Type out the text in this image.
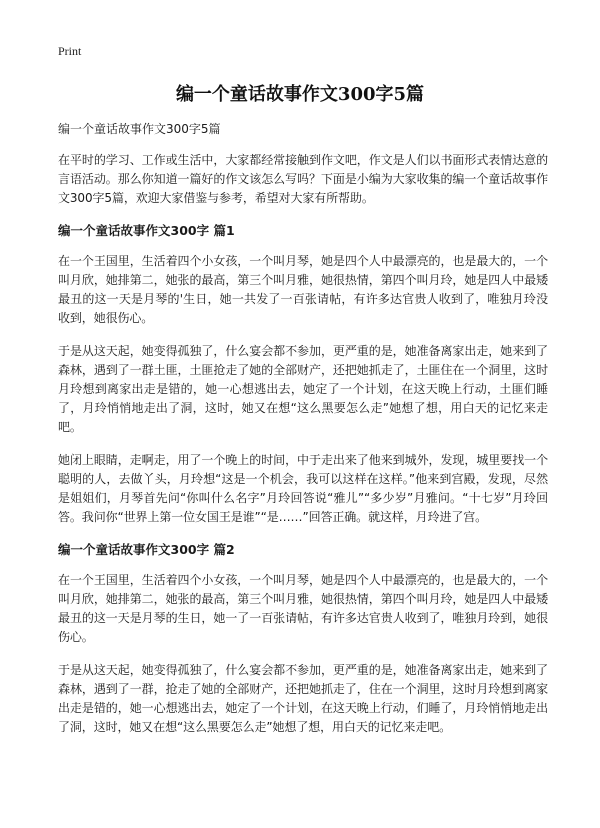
Print
编一个童话故事作文300字5篇
编一个童话故事作文300字5篇

在平时的学习、工作或生活中，大家都经常接触到作文吧，作文是人们以书面形式表情达意的言语活动。那么你知道一篇好的作文该怎么写吗？下面是小编为大家收集的编一个童话故事作文300字5篇，欢迎大家借鉴与参考，希望对大家有所帮助。

编一个童话故事作文300字 篇1

在一个王国里，生活着四个小女孩，一个叫月琴，她是四个人中最漂亮的，也是最大的，一个叫月欣，她排第二，她张的最高，第三个叫月雅，她很热情，第四个叫月玲，她是四人中最矮最丑的这一天是月琴的'生日，她一共发了一百张请帖，有许多达官贵人收到了，唯独月玲没收到，她很伤心。

于是从这天起，她变得孤独了，什么宴会都不参加，更严重的是，她准备离家出走，她来到了森林，遇到了一群土匪，土匪抢走了她的全部财产，还把她抓走了，土匪住在一个洞里，这时月玲想到离家出走是错的，她一心想逃出去，她定了一个计划，在这天晚上行动，土匪们睡了，月玲悄悄地走出了洞，这时，她又在想“这么黑要怎么走”她想了想，用白天的记忆来走吧。

她闭上眼睛，走啊走，用了一个晚上的时间，中于走出来了他来到城外，发现，城里要找一个聪明的人，去做丫头，月玲想“这是一个机会，我可以这样在这样。”他来到宫殿，发现，尽然是姐姐们，月琴首先问“你叫什么名字”月玲回答说“雅儿”“多少岁”月雅问。“十七岁”月玲回答。我问你“世界上第一位女国王是谁”“是……”回答正确。就这样，月玲进了宫。

编一个童话故事作文300字 篇2

在一个王国里，生活着四个小女孩，一个叫月琴，她是四个人中最漂亮的，也是最大的，一个叫月欣，她排第二，她张的最高，第三个叫月雅，她很热情，第四个叫月玲，她是四人中最矮最丑的这一天是月琴的生日，她一了一百张请帖，有许多达官贵人收到了，唯独月玲到，她很伤心。

于是从这天起，她变得孤独了，什么宴会都不参加，更严重的是，她准备离家出走，她来到了森林，遇到了一群，抢走了她的全部财产，还把她抓走了，住在一个洞里，这时月玲想到离家出走是错的，她一心想逃出去，她定了一个计划，在这天晚上行动，们睡了，月玲悄悄地走出了洞，这时，她又在想“这么黑要怎么走”她想了想，用白天的记忆来走吧。
